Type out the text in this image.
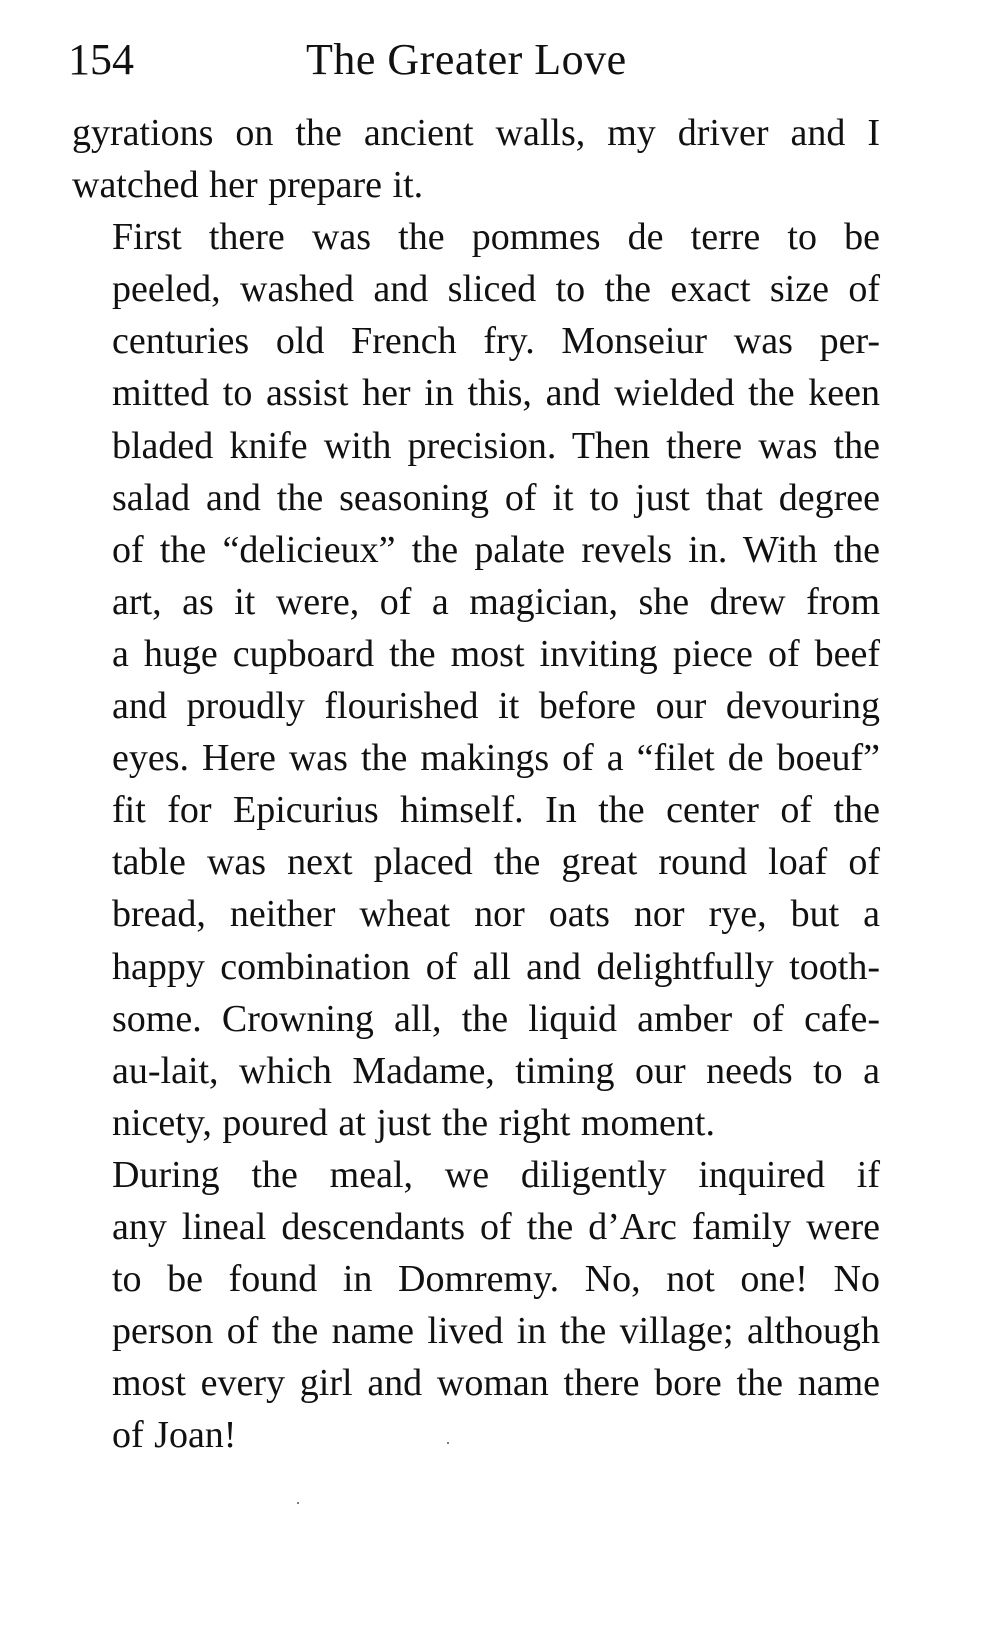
154	The Greater Love

gyrations on the ancient walls, my driver and I
watched her prepare it.

First there was the pommes de terre to be
peeled, washed and sliced to the exact size of
centuries old French fry. Monseiur was per-
mitted to assist her in this, and wielded the keen
bladed knife with precision. Then there was the
salad and the seasoning of it to just that degree
of the “delicieux” the palate revels in. With the
art, as it were, of a magician, she drew from
a huge cupboard the most inviting piece of beef
and proudly flourished it before our devouring
eyes. Here was the makings of a “filet de boeuf”
fit for Epicurius himself. In the center of the
table was next placed the great round loaf of
bread, neither wheat nor oats nor rye, but a
happy combination of all and delightfully tooth-
some. Crowning all, the liquid amber of cafe-
au-lait, which Madame, timing our needs to a
nicety, poured at just the right moment.

During the meal, we diligently inquired if
any lineal descendants of the d’Arc family were
to be found in Domremy. No, not one! No
person of the name lived in the village; although
most every girl and woman there bore the name
of Joan!
